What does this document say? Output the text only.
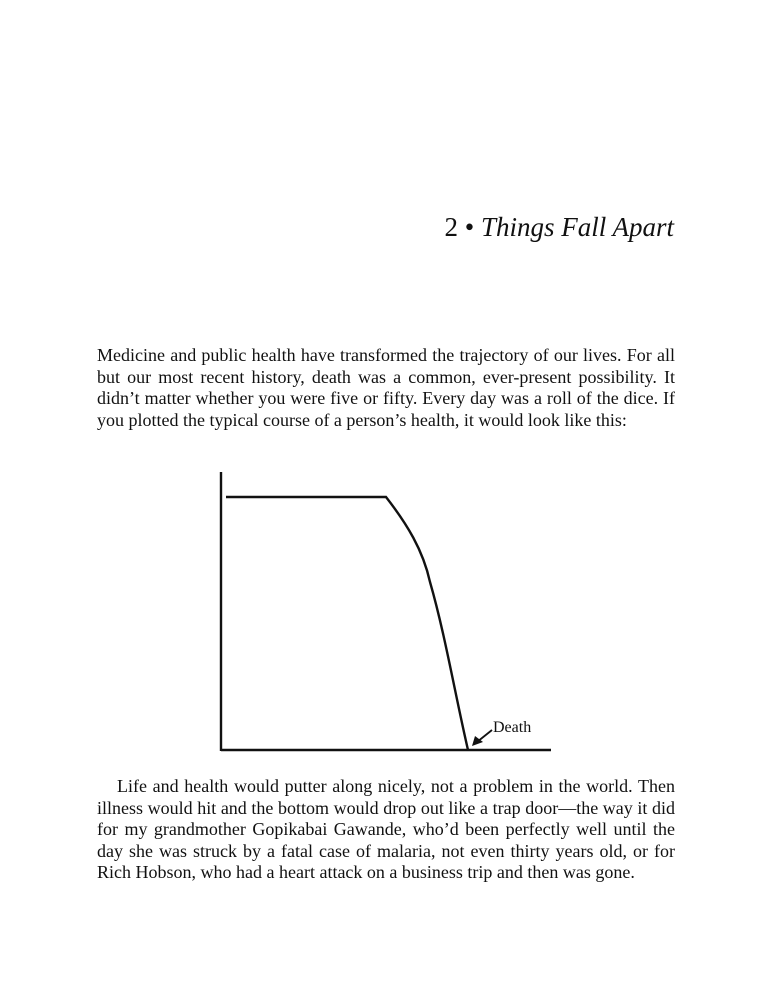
2 • Things Fall Apart

Medicine and public health have transformed the trajectory of our lives. For all but our most recent history, death was a common, ever-present possibility. It didn’t matter whether you were five or fifty. Every day was a roll of the dice. If you plotted the typical course of a person’s health, it would look like this:

Death

Life and health would putter along nicely, not a problem in the world. Then illness would hit and the bottom would drop out like a trap door—the way it did for my grandmother Gopikabai Gawande, who’d been perfectly well until the day she was struck by a fatal case of malaria, not even thirty years old, or for Rich Hobson, who had a heart attack on a business trip and then was gone.
